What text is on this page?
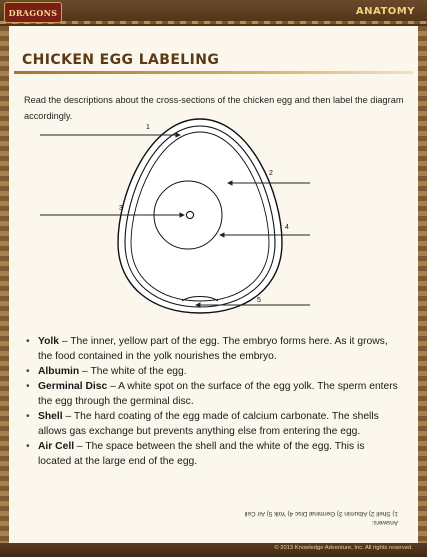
DRAGONS	ANATOMY
CHICKEN EGG LABELING
Read the descriptions about the cross-sections of the chicken egg and then label the diagram accordingly.
1
2
3
4
5
• Yolk – The inner, yellow part of the egg. The embryo forms here. As it grows, the food contained in the yolk nourishes the embryo.
• Albumin – The white of the egg.
• Germinal Disc – A white spot on the surface of the egg yolk. The sperm enters the egg through the germinal disc.
• Shell – The hard coating of the egg made of calcium carbonate. The shells allows gas exchange but prevents anything else from entering the egg.
• Air Cell – The space between the shell and the white of the egg. This is located at the large end of the egg.
Answers:
1) Shell 2) Albumin 3) Germinal Disc 4) Yolk 5) Air Cell
© 2013 Knowledge Adventure, Inc. All rights reserved.
